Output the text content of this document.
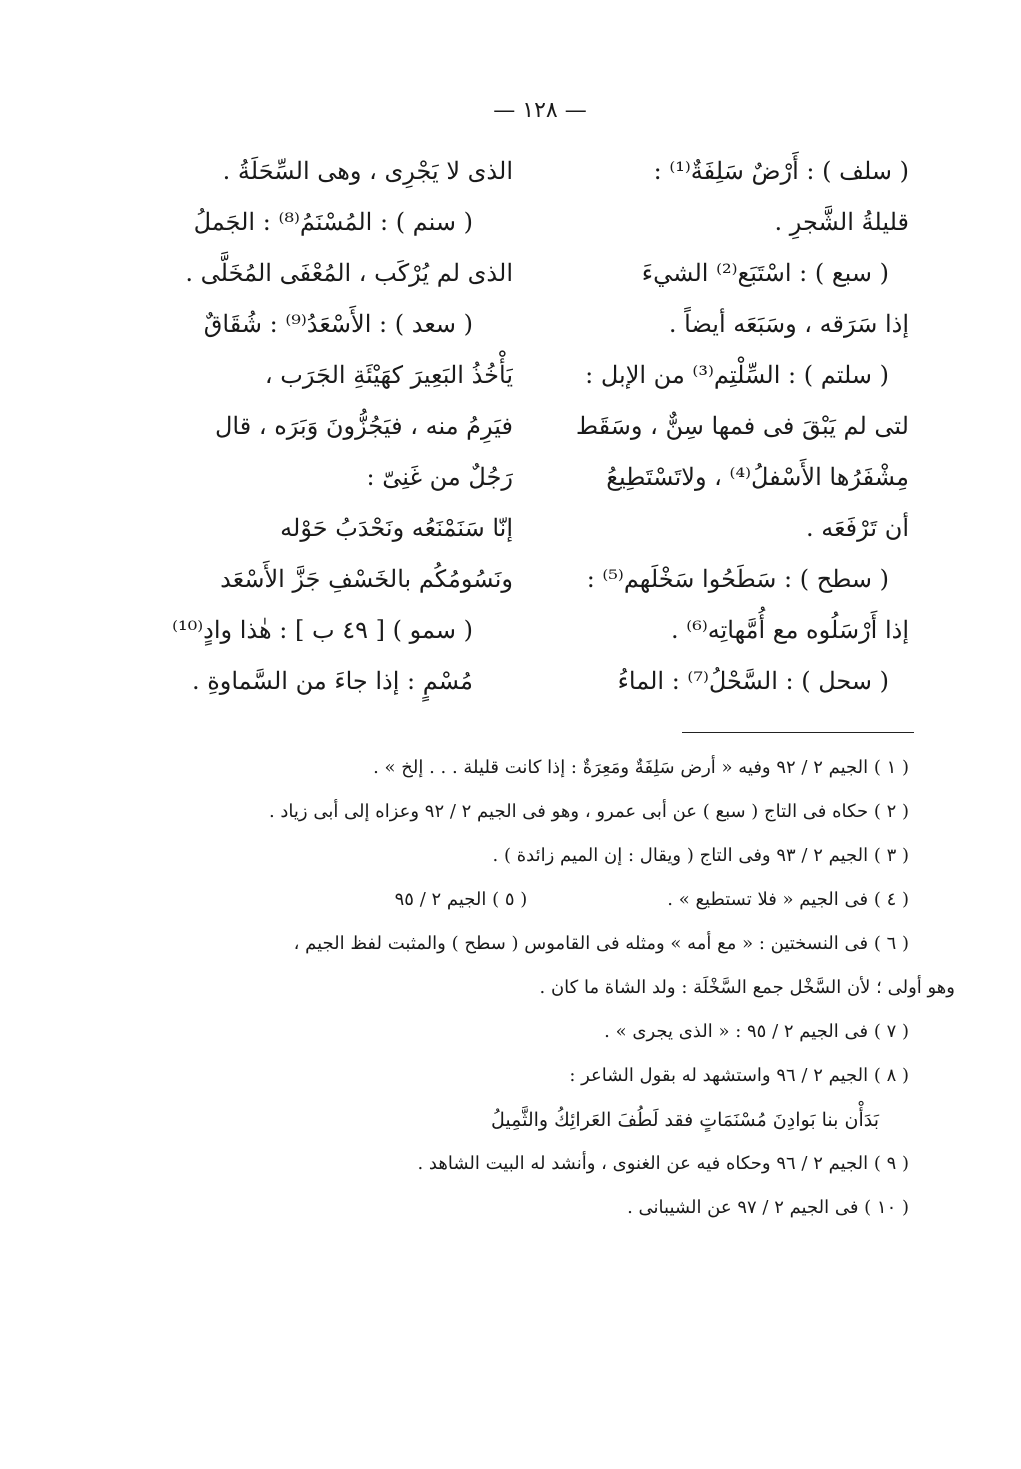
— ١٢٨ —
( سلف ) : أَرْضٌ سَلِفَةٌ⁽¹⁾ :
قليلةُ الشَّجرِ .
( سبع ) : اسْتَبَع⁽²⁾ الشيءَ
إذا سَرَقه ، وسَبَعَه أيضاً .
( سلتم ) : السِّلْتِم⁽³⁾ من الإبل :
لتى لم يَبْقَ فى فمها سِنٌّ ، وسَقَط
مِشْفَرُها الأَسْفلُ⁽⁴⁾ ، ولاتَسْتَطِيعُ
أن تَرْفَعَه .
( سطح ) : سَطَحُوا سَخْلَهم⁽⁵⁾ :
إذا أَرْسَلُوه مع أُمَّهاتِه⁽⁶⁾ .
( سحل ) : السَّحْلُ⁽⁷⁾ : الماءُ
الذى لا يَجْرِى ، وهى السِّحَلَةُ .
( سنم ) : المُسْنَمُ⁽⁸⁾ : الجَملُ
الذى لم يُرْكَب ، المُعْفَى المُخَلَّى .
( سعد ) : الأَسْعَدُ⁽⁹⁾ : شُقَاقٌ
يَأْخُذُ البَعِيرَ كهَيْئَةِ الجَرَب ،
فيَرِمُ منه ، فيَجُزُّونَ وَبَرَه ، قال
رَجُلٌ من غَنِىّ :
إنّا سَنَمْنَعُه ونَحْدَبُ حَوْله
ونَسُومُكُم بالخَسْفِ جَزَّ الأَسْعَد
( سمو ) [ ٤٩ ب ] : هٰذا وادٍ⁽¹⁰⁾
مُسْمٍ : إذا جاءَ من السَّماوةِ .
( ١ ) الجيم ٢ / ٩٢ وفيه « أرض سَلِفَةٌ ومَعِرَةٌ : إذا كانت قليلة . . . إلخ » .
( ٢ ) حكاه فى التاج ( سبع ) عن أبى عمرو ، وهو فى الجيم ٢ / ٩٢ وعزاه إلى أبى زياد .
( ٣ ) الجيم ٢ / ٩٣ وفى التاج ( ويقال : إن الميم زائدة ) .
( ٤ ) فى الجيم « فلا تستطيع » .
( ٥ ) الجيم ٢ / ٩٥
( ٦ ) فى النسختين : « مع أمه » ومثله فى القاموس ( سطح ) والمثبت لفظ الجيم ،
وهو أولى ؛ لأن السَّخْل جمع السَّخْلَة : ولد الشاة ما كان .
( ٧ ) فى الجيم ٢ / ٩٥ : « الذى يجرى » .
( ٨ ) الجيم ٢ / ٩٦ واستشهد له بقول الشاعر :
بَدَأْن بنا بَوادِنَ مُسْنَمَاتٍ فقد لَطُفَ العَرائِكُ والثَّمِيلُ
( ٩ ) الجيم ٢ / ٩٦ وحكاه فيه عن الغنوى ، وأنشد له البيت الشاهد .
( ١٠ ) فى الجيم ٢ / ٩٧ عن الشيبانى .
